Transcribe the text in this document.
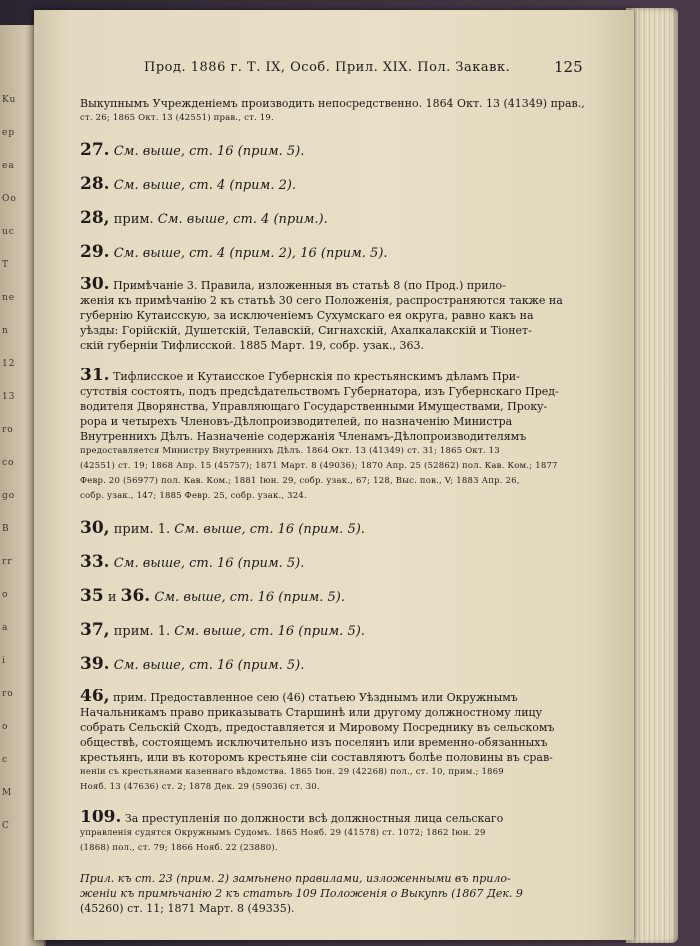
Ku
ep
ea
Oo
uc
T
ne
n
12
13
ro
co
go
B
rr
o
a
i
ro
o
c
M
C
Прод. 1886 г. Т. IX, Особ. Прил. XIX. Пол. Закавк.	125
Выкупнымъ Учрежденіемъ производить непосредственно. 1864 Окт. 13 (41349) прав.,
ст. 26; 1865 Окт. 13 (42551) прав., ст. 19.
27. См. выше, ст. 16 (прим. 5).
28. См. выше, ст. 4 (прим. 2).
28, прим. См. выше, ст. 4 (прим.).
29. См. выше, ст. 4 (прим. 2), 16 (прим. 5).
30. Примѣчаніе 3. Правила, изложенныя въ статьѣ 8 (по Прод.) прило-
женія къ примѣчанію 2 къ статьѣ 30 сего Положенія, распространяются также на
губернію Кутаисскую, за исключеніемъ Сухумскаго ея округа, равно какъ на
уѣзды: Горійскій, Душетскій, Телавскій, Сигнахскій, Ахалкалакскій и Тіонет-
скій губерніи Тифлисской. 1885 Март. 19, собр. узак., 363.
31. Тифлисское и Кутаисское Губернскія по крестьянскимъ дѣламъ При-
сутствія состоять, подъ предсѣдательствомъ Губернатора, изъ Губернскаго Пред-
водителя Дворянства, Управляющаго Государственными Имуществами, Прокy-
рора и четырехъ Членовъ-Дѣлопроизводителей, по назначенію Министра
Внутреннихъ Дѣлъ. Назначеніе содержанія Членамъ-Дѣлопроизводителямъ
предоставляется Министру Внутреннихъ Дѣлъ. 1864 Окт. 13 (41349) ст. 31; 1865 Окт. 13
(42551) ст. 19; 1868 Апр. 15 (45757); 1871 Март. 8 (49036); 1870 Апр. 25 (52862) пол. Кав. Ком.; 1877
Февр. 20 (56977) пол. Кав. Ком.; 1881 Іюн. 29, собр. узак., 67; 128, Выс. пов., V; 1883 Апр. 26,
собр. узак., 147; 1885 Февр. 25, собр. узак., 324.
30, прим. 1. См. выше, ст. 16 (прим. 5).
33. См. выше, ст. 16 (прим. 5).
35 и 36. См. выше, ст. 16 (прим. 5).
37, прим. 1. См. выше, ст. 16 (прим. 5).
39. См. выше, ст. 16 (прим. 5).
46, прим. Предоставленное сею (46) статьею Уѣзднымъ или Окружнымъ
Начальникамъ право приказывать Старшинѣ или другому должностному лицу
собрать Сельскій Сходъ, предоставляется и Мировому Посреднику въ сельскомъ
обществѣ, состоящемъ исключительно изъ поселянъ или временно-обязанныхъ
крестьянъ, или въ которомъ крестьяне сіи составляютъ болѣе половины въ срав-
неніи съ крестьянами казеннаго вѣдомства. 1865 Іюн. 29 (42268) пол., ст. 10, прим.; 1869
Нояб. 13 (47636) ст. 2; 1878 Дек. 29 (59036) ст. 30.
109. За преступленія по должности всѣ должностныя лица сельскаго
управленія судятся Окружнымъ Судомъ. 1865 Нояб. 29 (41578) ст. 1072; 1862 Іюн. 29
(1868) пол., ст. 79; 1866 Нояб. 22 (23880).
Прил. къ ст. 23 (прим. 2) замѣнено правилами, изложенными въ прило-
женіи къ примѣчанію 2 къ статьѣ 109 Положенія о Выкупѣ (1867 Дек. 9
(45260) ст. 11; 1871 Март. 8 (49335).
